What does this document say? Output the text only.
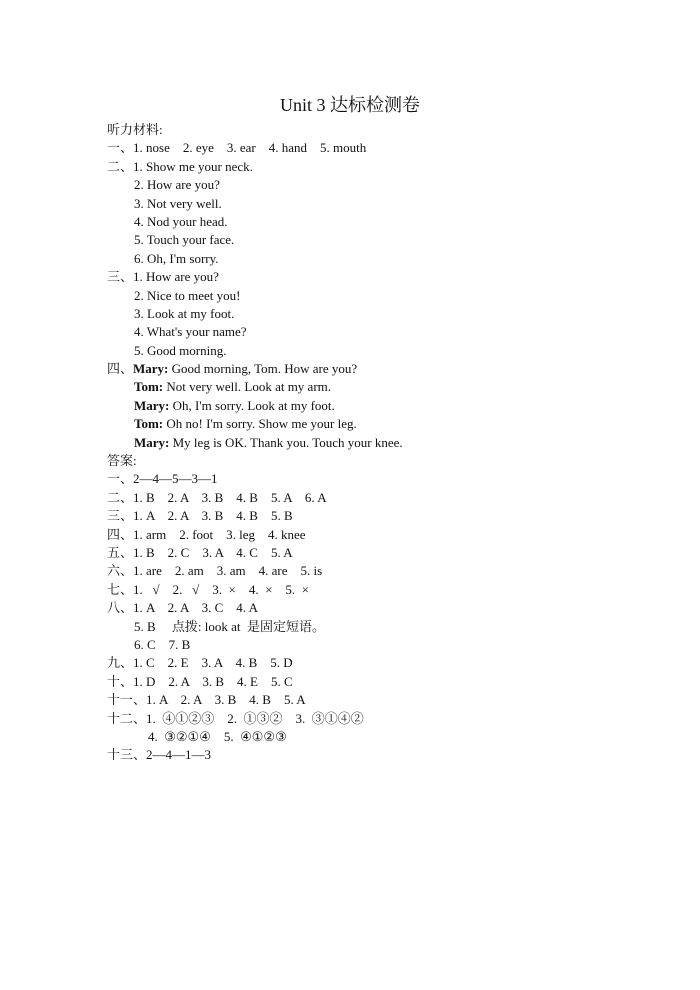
Unit 3 达标检测卷
听力材料:
一、1. nose    2. eye    3. ear    4. hand    5. mouth
二、1. Show me your neck.
2. How are you?
3. Not very well.
4. Nod your head.
5. Touch your face.
6. Oh, I'm sorry.
三、1. How are you?
2. Nice to meet you!
3. Look at my foot.
4. What's your name?
5. Good morning.
四、Mary: Good morning, Tom. How are you?
Tom: Not very well. Look at my arm.
Mary: Oh, I'm sorry. Look at my foot.
Tom: Oh no! I'm sorry. Show me your leg.
Mary: My leg is OK. Thank you. Touch your knee.
答案:
一、2—4—5—3—1
二、1. B    2. A    3. B    4. B    5. A    6. A
三、1. A    2. A    3. B    4. B    5. B
四、1. arm    2. foot    3. leg    4. knee
五、1. B    2. C    3. A    4. C    5. A
六、1. are    2. am    3. am    4. are    5. is
七、1.   √    2.   √    3.  ×    4.  ×    5.  ×
八、1. A    2. A    3. C    4. A
5. B     点拨: look at  是固定短语。
6. C    7. B
九、1. C    2. E    3. A    4. B    5. D
十、1. D    2. A    3. B    4. E    5. C
十一、1. A    2. A    3. B    4. B    5. A
十二、1.  ④①②③    2.  ①③②    3.  ③①④②
4.  ③②①④    5.  ④①②③
十三、2—4—1—3
